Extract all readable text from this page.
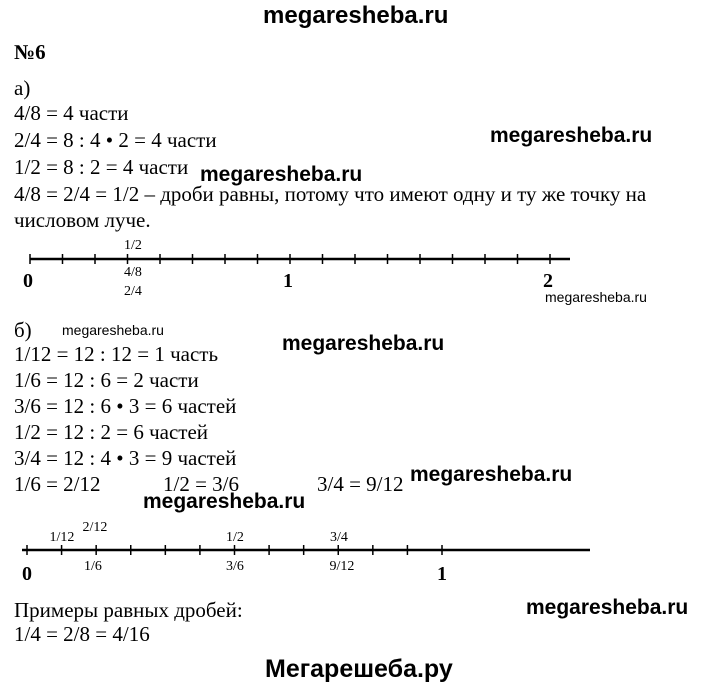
megaresheba.ru
megaresheba.ru
megaresheba.ru
megaresheba.ru
megaresheba.ru
megaresheba.ru
megaresheba.ru
megaresheba.ru
megaresheba.ru
Мегарешеба.ру
№6
а)
4/8 = 4 части
2/4 = 8 : 4 • 2 = 4 части
1/2 = 8 : 2 = 4 части
4/8 = 2/4 = 1/2 – дроби равны, потому что имеют одну и ту же точку на
числовом луче.
0	1	2
1/2
4/8
2/4
б)
1/12 = 12 : 12 = 1 часть
1/6 = 12 : 6 = 2 части
3/6 = 12 : 6 • 3 = 6 частей
1/2 = 12 : 2 = 6 частей
3/4 = 12 : 4 • 3 = 9 частей
1/6 = 2/12	1/2 = 3/6	3/4 = 9/12
0	1
1/12
2/12
1/2	3/4
1/6	3/6	9/12
Примеры равных дробей:
1/4 = 2/8 = 4/16
